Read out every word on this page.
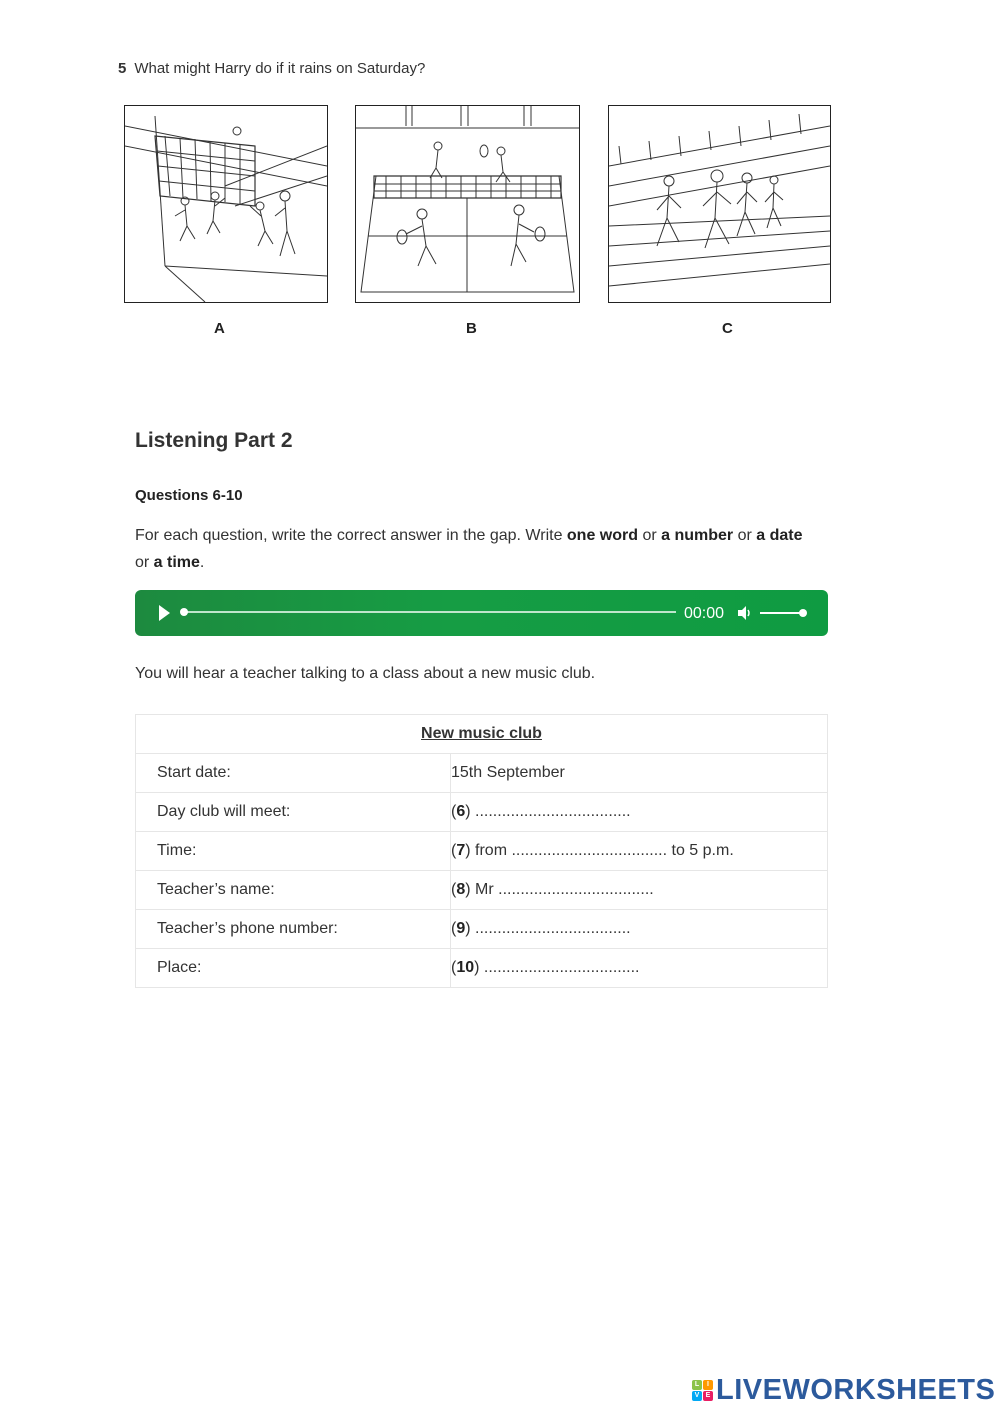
5 What might Harry do if it rains on Saturday?
A	B	C
Listening Part 2
Questions 6-10
For each question, write the correct answer in the gap. Write one word or a number or a date
or a time.
00:00
You will hear a teacher talking to a class about a new music club.
New music club	
Start date:	15th September
Day club will meet:	(6) ...................................
Time:	(7) from ................................... to 5 p.m.
Teacher’s name:	(8) Mr ...................................
Teacher’s phone number:	(9) ...................................
Place:	(10) ...................................
L	I
V E LIVEWORKSHEETS
